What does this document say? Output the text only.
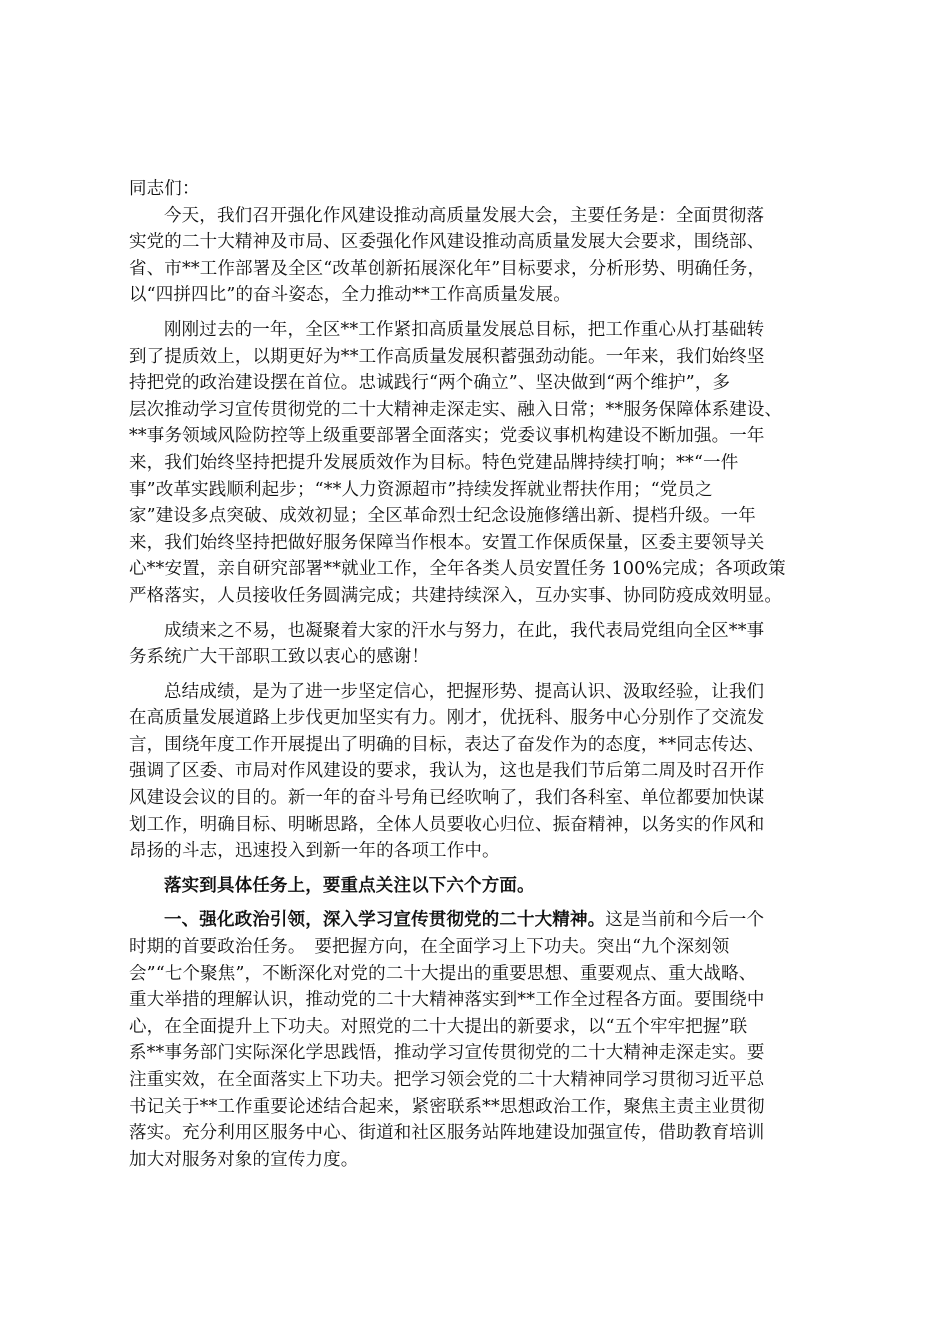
同志们：
今天，我们召开强化作风建设推动高质量发展大会，主要任务是：全面贯彻落
实党的二十大精神及市局、区委强化作风建设推动高质量发展大会要求，围绕部、
省、市**工作部署及全区“改革创新拓展深化年”目标要求，分析形势、明确任务，
以“四拼四比”的奋斗姿态，全力推动**工作高质量发展。
刚刚过去的一年，全区**工作紧扣高质量发展总目标，把工作重心从打基础转
到了提质效上，以期更好为**工作高质量发展积蓄强劲动能。一年来，我们始终坚
持把党的政治建设摆在首位。忠诚践行“两个确立”、坚决做到“两个维护”，多
层次推动学习宣传贯彻党的二十大精神走深走实、融入日常；**服务保障体系建设、
**事务领域风险防控等上级重要部署全面落实；党委议事机构建设不断加强。一年
来，我们始终坚持把提升发展质效作为目标。特色党建品牌持续打响；**“一件
事”改革实践顺利起步；“**人力资源超市”持续发挥就业帮扶作用；“党员之
家”建设多点突破、成效初显；全区革命烈士纪念设施修缮出新、提档升级。一年
来，我们始终坚持把做好服务保障当作根本。安置工作保质保量，区委主要领导关
心**安置，亲自研究部署**就业工作，全年各类人员安置任务 100%完成；各项政策
严格落实，人员接收任务圆满完成；共建持续深入，互办实事、协同防疫成效明显。
成绩来之不易，也凝聚着大家的汗水与努力，在此，我代表局党组向全区**事
务系统广大干部职工致以衷心的感谢！
总结成绩，是为了进一步坚定信心，把握形势、提高认识、汲取经验，让我们
在高质量发展道路上步伐更加坚实有力。刚才，优抚科、服务中心分别作了交流发
言，围绕年度工作开展提出了明确的目标，表达了奋发作为的态度，**同志传达、
强调了区委、市局对作风建设的要求，我认为，这也是我们节后第二周及时召开作
风建设会议的目的。新一年的奋斗号角已经吹响了，我们各科室、单位都要加快谋
划工作，明确目标、明晰思路，全体人员要收心归位、振奋精神，以务实的作风和
昂扬的斗志，迅速投入到新一年的各项工作中。
落实到具体任务上，要重点关注以下六个方面。
一、强化政治引领，深入学习宣传贯彻党的二十大精神。这是当前和今后一个
时期的首要政治任务。　要把握方向，在全面学习上下功夫。突出“九个深刻领
会”“七个聚焦”，不断深化对党的二十大提出的重要思想、重要观点、重大战略、
重大举措的理解认识，推动党的二十大精神落实到**工作全过程各方面。要围绕中
心，在全面提升上下功夫。对照党的二十大提出的新要求，以“五个牢牢把握”联
系**事务部门实际深化学思践悟，推动学习宣传贯彻党的二十大精神走深走实。要
注重实效，在全面落实上下功夫。把学习领会党的二十大精神同学习贯彻习近平总
书记关于**工作重要论述结合起来，紧密联系**思想政治工作，聚焦主责主业贯彻
落实。充分利用区服务中心、街道和社区服务站阵地建设加强宣传，借助教育培训
加大对服务对象的宣传力度。
